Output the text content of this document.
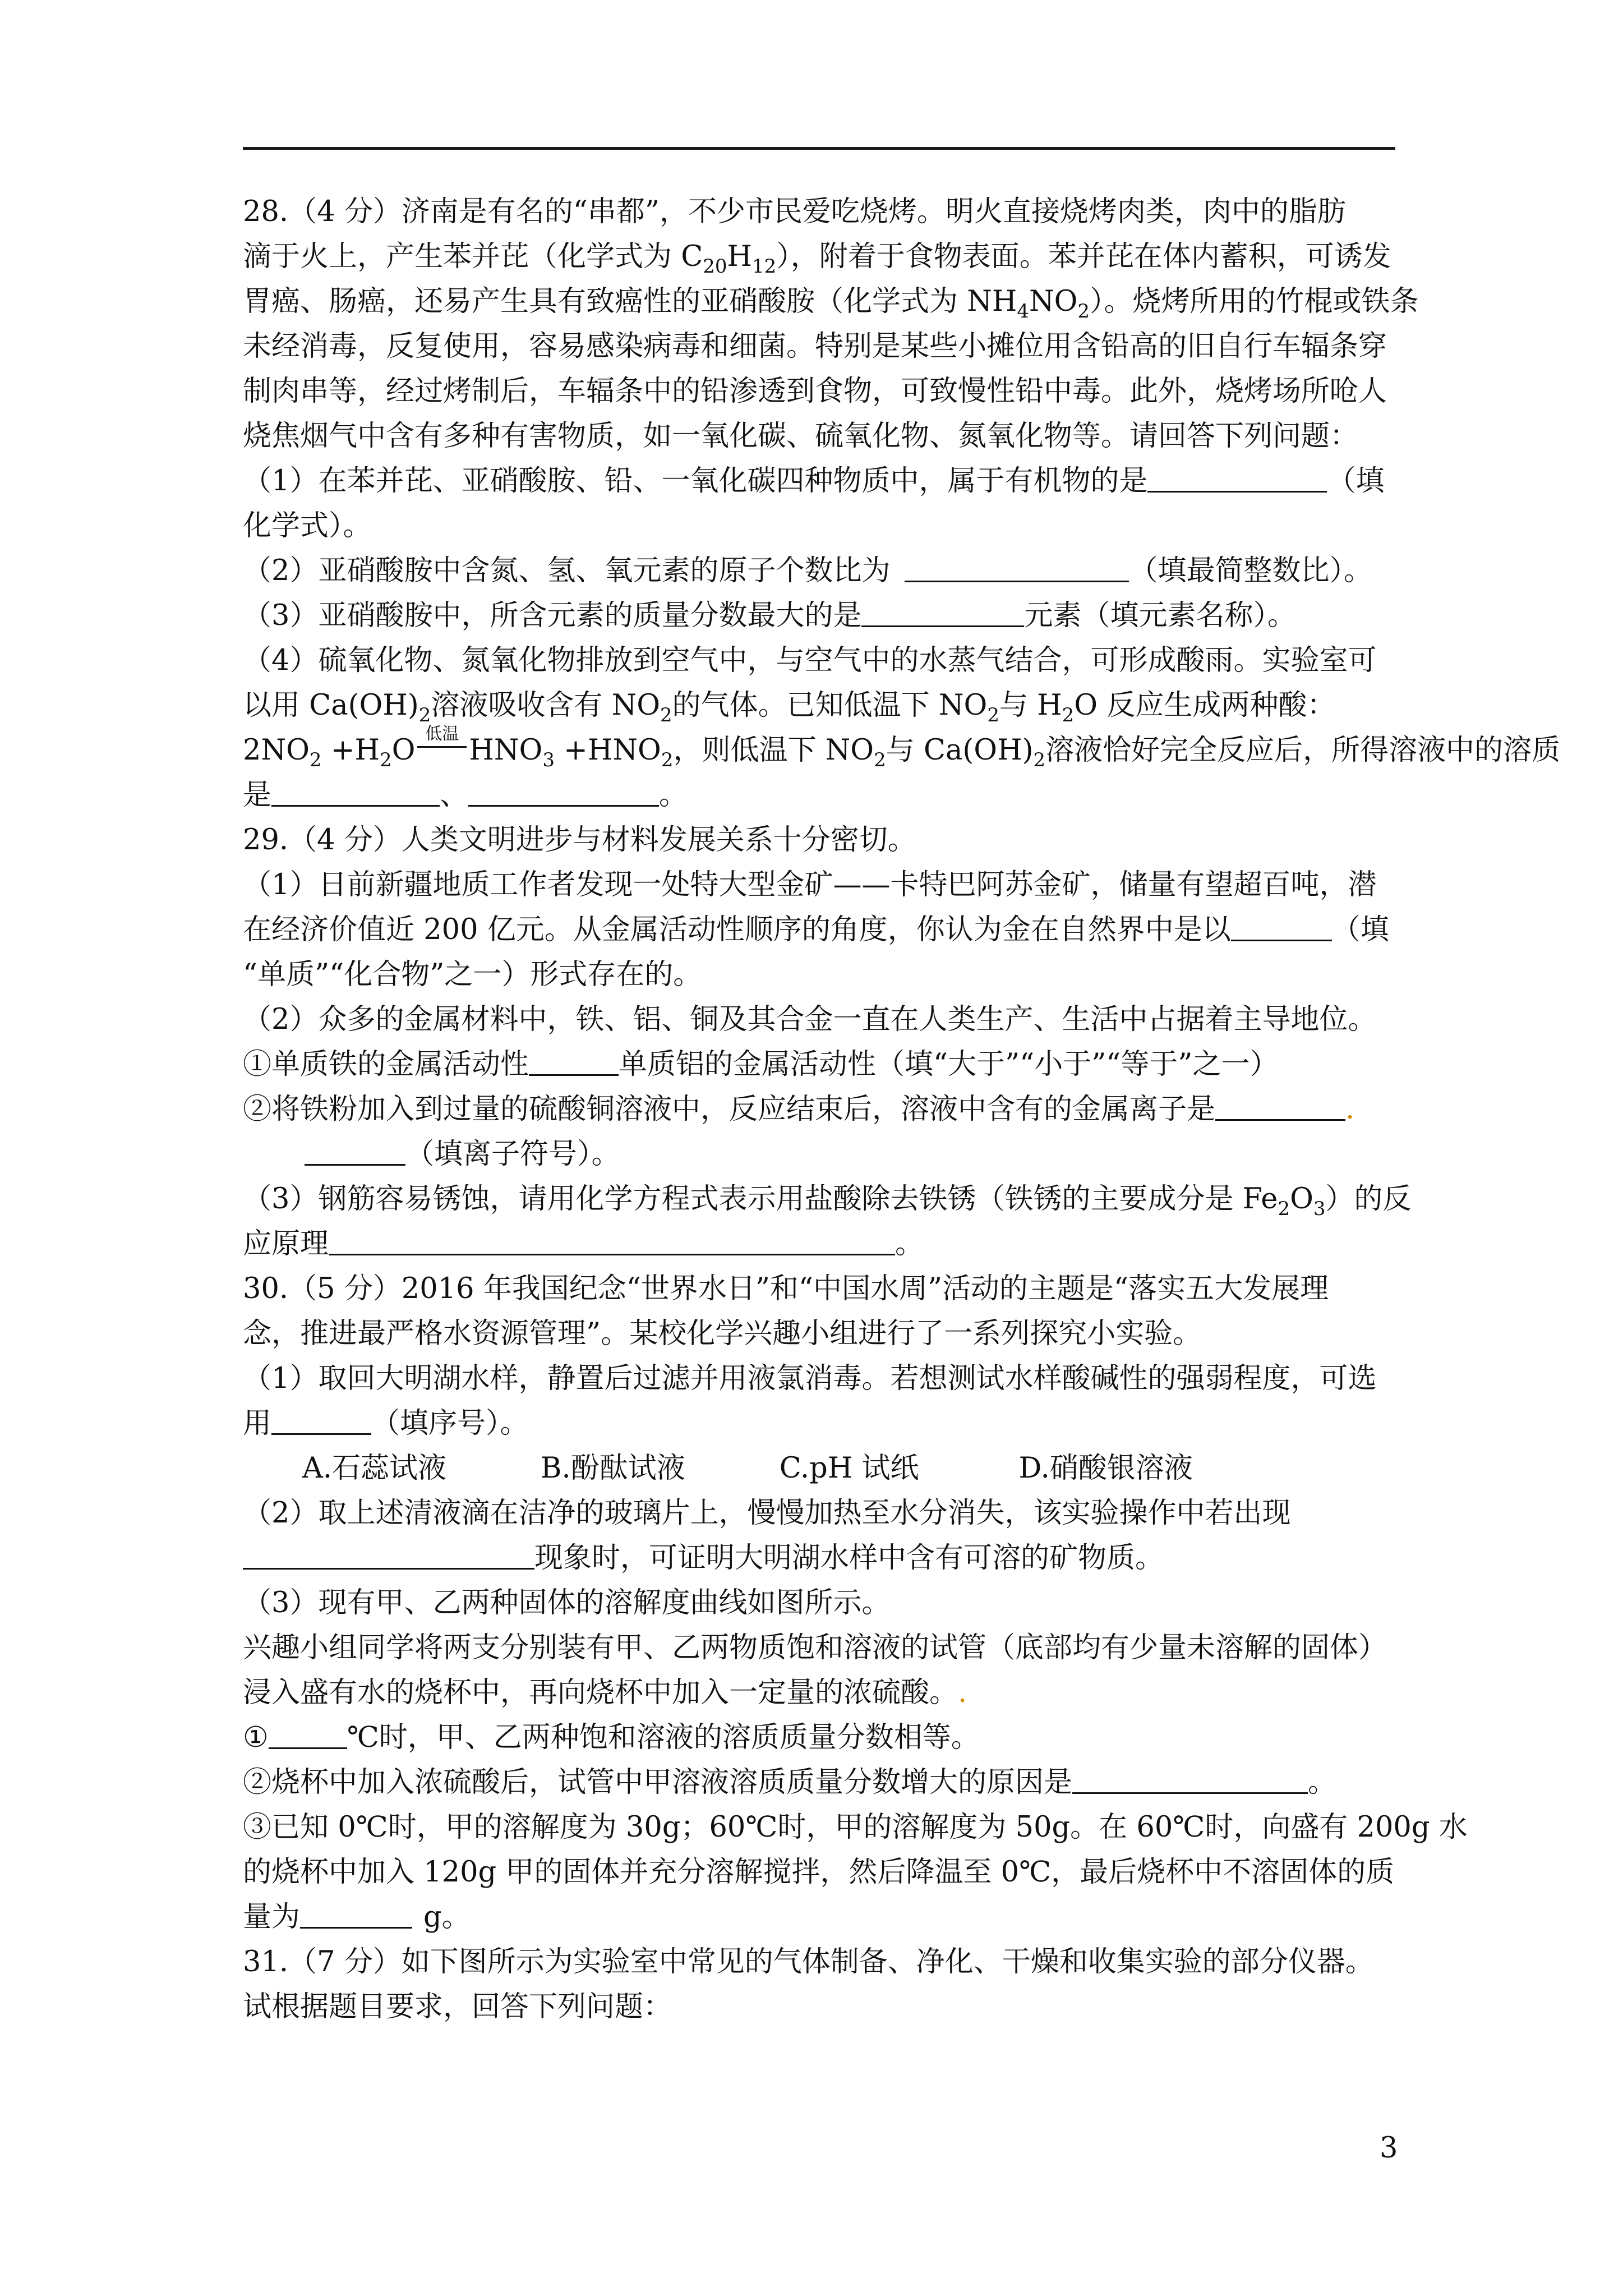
28.（4 分）济南是有名的“串都”，不少市民爱吃烧烤。明火直接烧烤肉类，肉中的脂肪
滴于火上，产生苯并芘（化学式为 $C_{20}H_{12}$），附着于食物表面。苯并芘在体内蓄积，可诱发
胃癌、肠癌，还易产生具有致癌性的亚硝酸胺（化学式为 $NH_4NO_2$）。烧烤所用的竹棍或铁条
未经消毒，反复使用，容易感染病毒和细菌。特别是某些小摊位用含铅高的旧自行车辐条穿
制肉串等，经过烤制后，车辐条中的铅渗透到食物，可致慢性铅中毒。此外，烧烤场所呛人
烧焦烟气中含有多种有害物质，如一氧化碳、硫氧化物、氮氧化物等。请回答下列问题：
（1）在苯并芘、亚硝酸胺、铅、一氧化碳四种物质中，属于有机物的是	（填
化学式）。
（2）亚硝酸胺中含氮、氢、氧元素的原子个数比为	（填最简整数比）。
（3）亚硝酸胺中，所含元素的质量分数最大的是	元素（填元素名称）。
（4）硫氧化物、氮氧化物排放到空气中，与空气中的水蒸气结合，可形成酸雨。实验室可
以用 $Ca(OH)_2$溶液吸收含有 $NO_2$的气体。已知低温下 $NO_2$与 $H_2O$ 反应生成两种酸：
$2NO_2 +H_2O$ 低温 $HNO_3 +HNO_2$，则低温下 $NO_2$与 $Ca(OH)_2$溶液恰好完全反应后，所得溶液中的溶质
是	、	。
29.（4 分）人类文明进步与材料发展关系十分密切。
（1）日前新疆地质工作者发现一处特大型金矿——卡特巴阿苏金矿，储量有望超百吨，潜
在经济价值近 200 亿元。从金属活动性顺序的角度，你认为金在自然界中是以	（填
“单质”“化合物”之一）形式存在的。
（2）众多的金属材料中，铁、铝、铜及其合金一直在人类生产、生活中占据着主导地位。
①单质铁的金属活动性	单质铝的金属活动性（填“大于”“小于”“等于”之一）
②将铁粉加入到过量的硫酸铜溶液中，反应结束后，溶液中含有的金属离子是	.
（填离子符号）。
（3）钢筋容易锈蚀，请用化学方程式表示用盐酸除去铁锈（铁锈的主要成分是 $Fe_2O_3$）的反
应原理	。
30.（5 分）2016 年我国纪念“世界水日”和“中国水周”活动的主题是“落实五大发展理
念，推进最严格水资源管理”。某校化学兴趣小组进行了一系列探究小实验。
（1）取回大明湖水样，静置后过滤并用液氯消毒。若想测试水样酸碱性的强弱程度，可选
用	（填序号）。
A.石蕊试液	B.酚酞试液	C.pH 试纸	D.硝酸银溶液
（2）取上述清液滴在洁净的玻璃片上，慢慢加热至水分消失，该实验操作中若出现
现象时，可证明大明湖水样中含有可溶的矿物质。
（3）现有甲、乙两种固体的溶解度曲线如图所示。
兴趣小组同学将两支分别装有甲、乙两物质饱和溶液的试管（底部均有少量未溶解的固体）
浸入盛有水的烧杯中，再向烧杯中加入一定量的浓硫酸。.
①	℃时，甲、乙两种饱和溶液的溶质质量分数相等。
②烧杯中加入浓硫酸后，试管中甲溶液溶质质量分数增大的原因是	。
③已知 0℃时，甲的溶解度为 30g；60℃时，甲的溶解度为 50g。在 60℃时，向盛有 200g 水
的烧杯中加入 120g 甲的固体并充分溶解搅拌，然后降温至 0℃，最后烧杯中不溶固体的质
量为	g。
31.（7 分）如下图所示为实验室中常见的气体制备、净化、干燥和收集实验的部分仪器。
试根据题目要求，回答下列问题：
3
